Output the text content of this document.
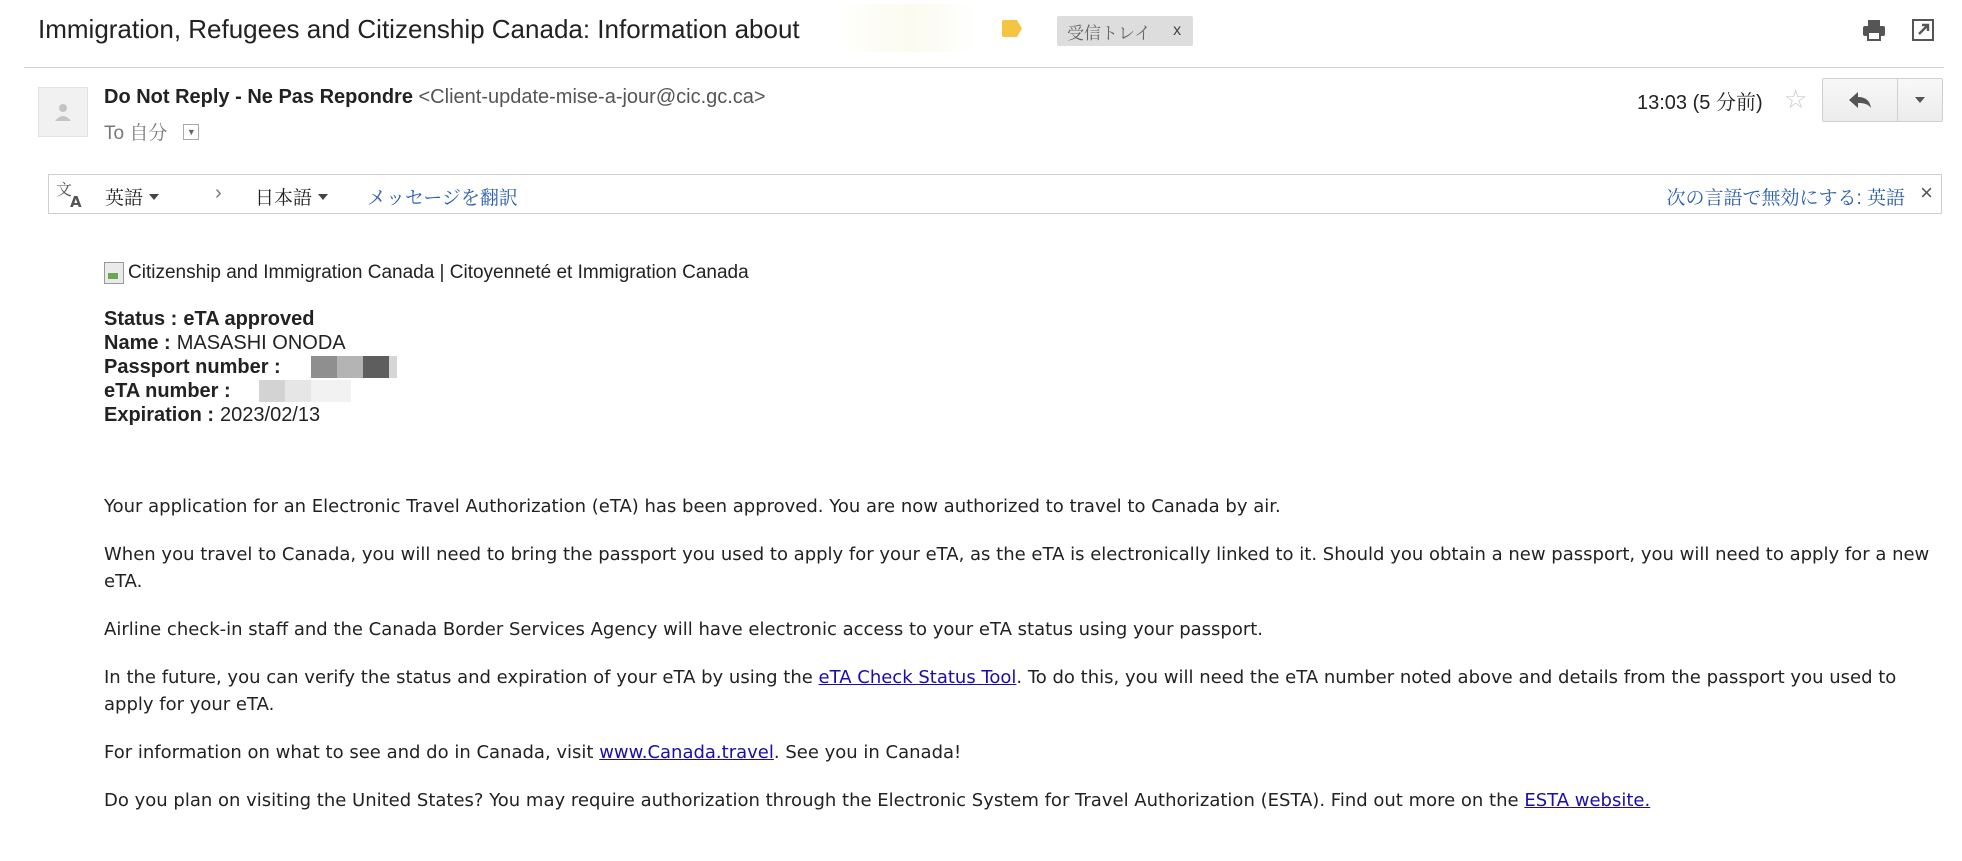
Immigration, Refugees and Citizenship Canada: Information about	受信トレイ x
Do Not Reply - Ne Pas Repondre <Client-update-mise-a-jour@cic.gc.ca>
To 自分	▼
13:03 (5 分前) ☆
文
A 英語	› 日本語	メッセージを翻訳	次の言語で無効にする: 英語 ×
Citizenship and Immigration Canada | Citoyenneté et Immigration Canada
Status : eTA approved
Name : MASASHI ONODA
Passport number :
eTA number :
Expiration : 2023/02/13

Your application for an Electronic Travel Authorization (eTA) has been approved. You are now authorized to travel to Canada by air.

When you travel to Canada, you will need to bring the passport you used to apply for your eTA, as the eTA is electronically linked to it. Should you obtain a new passport, you will need to apply for a new eTA.

Airline check-in staff and the Canada Border Services Agency will have electronic access to your eTA status using your passport.

In the future, you can verify the status and expiration of your eTA by using the eTA Check Status Tool. To do this, you will need the eTA number noted above and details from the passport you used to apply for your eTA.

For information on what to see and do in Canada, visit www.Canada.travel. See you in Canada!

Do you plan on visiting the United States? You may require authorization through the Electronic System for Travel Authorization (ESTA). Find out more on the ESTA website.
